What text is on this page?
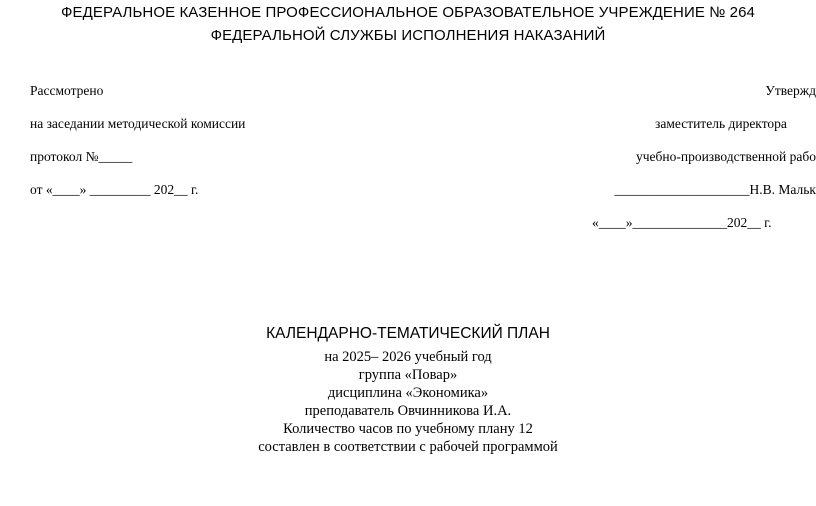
ФЕДЕРАЛЬНОЕ КАЗЕННОЕ ПРОФЕССИОНАЛЬНОЕ ОБРАЗОВАТЕЛЬНОЕ УЧРЕЖДЕНИЕ № 264
ФЕДЕРАЛЬНОЙ СЛУЖБЫ ИСПОЛНЕНИЯ НАКАЗАНИЙ
Рассмотрено
на заседании методической комиссии
протокол №_____
от «____» _________ 202__ г.
Утвержд
заместитель директора
учебно-производственной рабо
____________________Н.В. Мальк
«____»______________202__ г.
КАЛЕНДАРНО-ТЕМАТИЧЕСКИЙ ПЛАН
на 2025– 2026 учебный год
группа «Повар»
дисциплина «Экономика»
преподаватель Овчинникова И.А.
Количество часов по учебному плану 12
составлен в соответствии с рабочей программой
